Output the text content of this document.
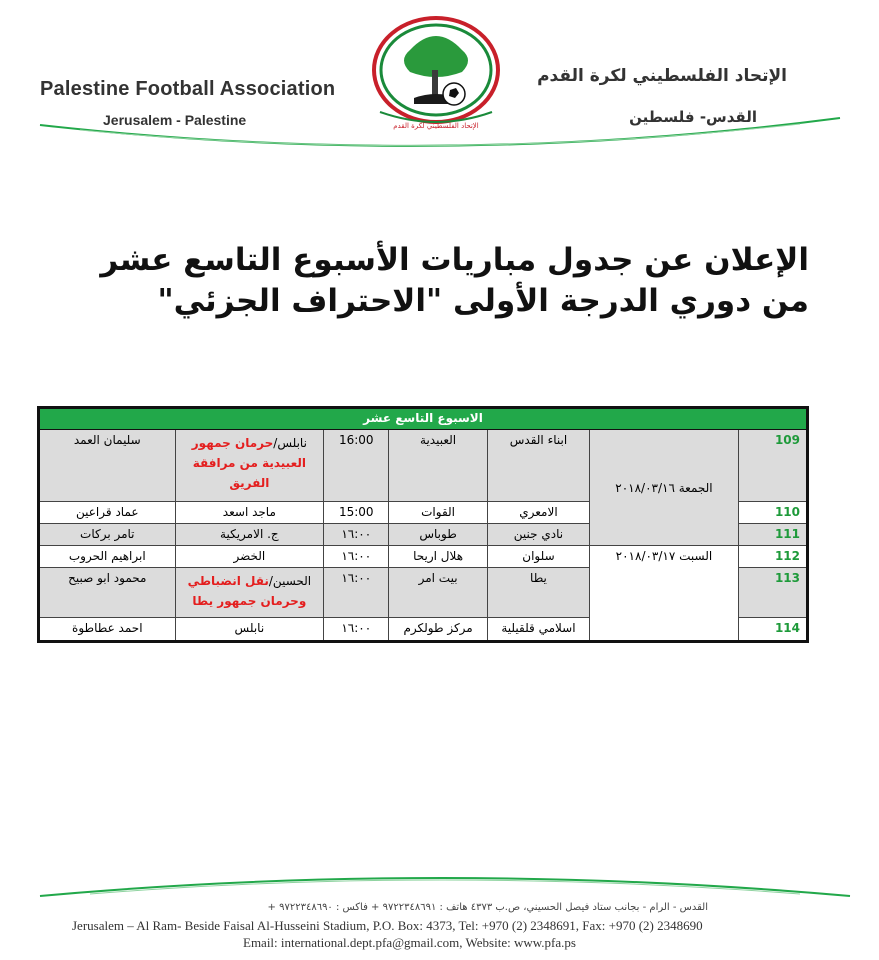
Palestine Football Association
Jerusalem - Palestine
الإتحاد الفلسطيني لكرة القدم
القدس- فلسطين
الإتحاد الفلسطيني لكرة القدم
الإعلان عن جدول مباريات الأسبوع التاسع عشر
من دوري الدرجة الأولى "الاحتراف الجزئي"
الاسبوع التاسع عشر						
109	الجمعة ٢٠١٨/٠٣/١٦	ابناء القدس	العبيدية	16:00	نابلس/حرمان جمهور العبيدية من مرافقة الفريق	سليمان العمد
110		الامعري	القوات	15:00	ماجد اسعد	عماد قراعين
111		نادي جنين	طوباس	١٦:٠٠	ج. الامريكية	تامر بركات
112	السبت ٢٠١٨/٠٣/١٧	سلوان	هلال اريحا	١٦:٠٠	الخضر	ابراهيم الحروب
113		يطا	بيت امر	١٦:٠٠	الحسين/نقل انضباطي وحرمان جمهور يطا	محمود ابو صبيح
114		اسلامي قلقيلية	مركز طولكرم	١٦:٠٠	نابلس	احمد عطاطوة
القدس - الرام - بجانب ستاد فيصل الحسيني، ص.ب ٤٣٧٣ هاتف : ٩٧٢٢٣٤٨٦٩١ + فاكس : ٩٧٢٢٣٤٨٦٩٠ +
Jerusalem – Al Ram- Beside Faisal Al-Husseini Stadium, P.O. Box: 4373, Tel: +970 (2) 2348691, Fax: +970 (2) 2348690
Email: international.dept.pfa@gmail.com, Website: www.pfa.ps
